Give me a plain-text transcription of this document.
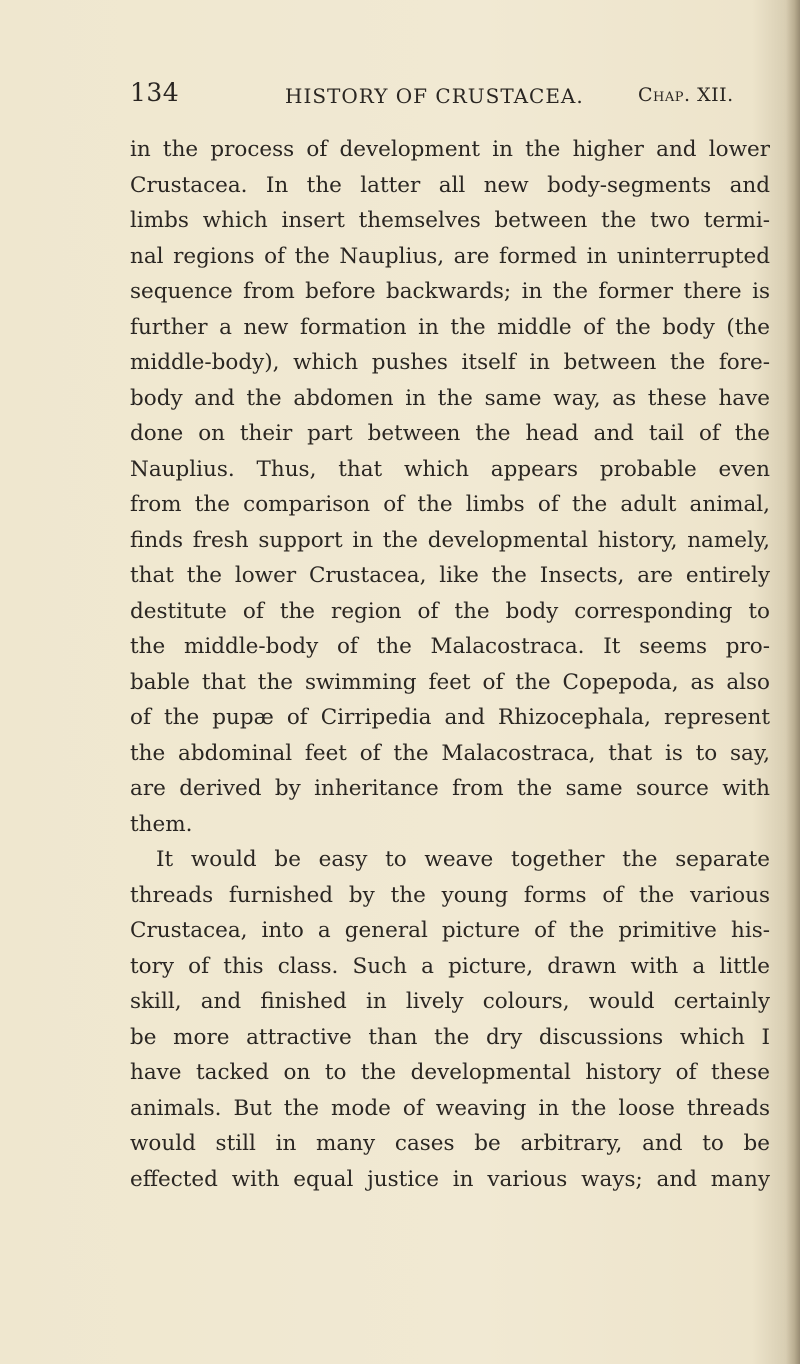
134	HISTORY OF CRUSTACEA.	Chap. XII.
in the process of development in the higher and lower
Crustacea. In the latter all new body-segments and
limbs which insert themselves between the two termi-
nal regions of the Nauplius, are formed in uninterrupted
sequence from before backwards; in the former there is
further a new formation in the middle of the body (the
middle-body), which pushes itself in between the fore-
body and the abdomen in the same way, as these have
done on their part between the head and tail of the
Nauplius. Thus, that which appears probable even
from the comparison of the limbs of the adult animal,
finds fresh support in the developmental history, namely,
that the lower Crustacea, like the Insects, are entirely
destitute of the region of the body corresponding to
the middle-body of the Malacostraca. It seems pro-
bable that the swimming feet of the Copepoda, as also
of the pupæ of Cirripedia and Rhizocephala, represent
the abdominal feet of the Malacostraca, that is to say,
are derived by inheritance from the same source with
them.
It would be easy to weave together the separate
threads furnished by the young forms of the various
Crustacea, into a general picture of the primitive his-
tory of this class. Such a picture, drawn with a little
skill, and finished in lively colours, would certainly
be more attractive than the dry discussions which I
have tacked on to the developmental history of these
animals. But the mode of weaving in the loose threads
would still in many cases be arbitrary, and to be
effected with equal justice in various ways; and many
